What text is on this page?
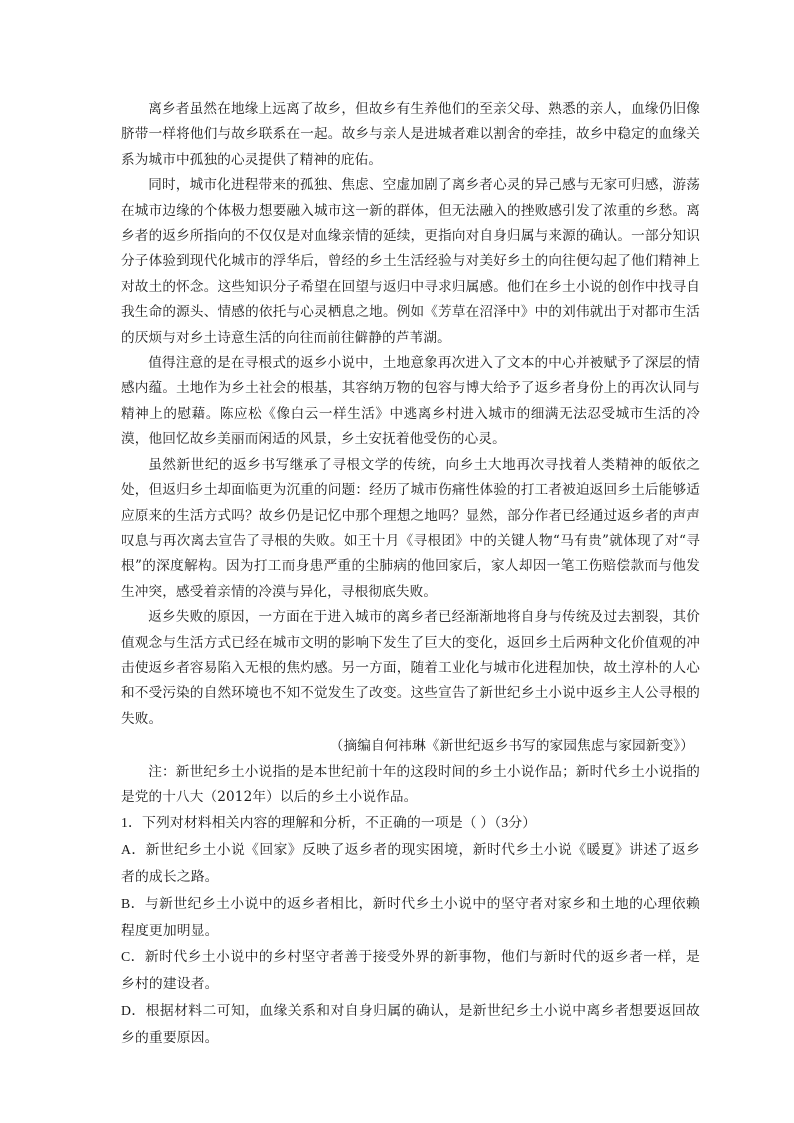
离乡者虽然在地缘上远离了故乡，但故乡有生养他们的至亲父母、熟悉的亲人，血缘仍旧像脐带一样将他们与故乡联系在一起。故乡与亲人是进城者难以割舍的牵挂，故乡中稳定的血缘关系为城市中孤独的心灵提供了精神的庇佑。

同时，城市化进程带来的孤独、焦虑、空虚加剧了离乡者心灵的异己感与无家可归感，游荡在城市边缘的个体极力想要融入城市这一新的群体，但无法融入的挫败感引发了浓重的乡愁。离乡者的返乡所指向的不仅仅是对血缘亲情的延续，更指向对自身归属与来源的确认。一部分知识分子体验到现代化城市的浮华后，曾经的乡土生活经验与对美好乡土的向往便勾起了他们精神上对故土的怀念。这些知识分子希望在回望与返归中寻求归属感。他们在乡土小说的创作中找寻自我生命的源头、情感的依托与心灵栖息之地。例如《芳草在沼泽中》中的刘伟就出于对都市生活的厌烦与对乡土诗意生活的向往而前往僻静的芦苇湖。

值得注意的是在寻根式的返乡小说中，土地意象再次进入了文本的中心并被赋予了深层的情感内蕴。土地作为乡土社会的根基，其容纳万物的包容与博大给予了返乡者身份上的再次认同与精神上的慰藉。陈应松《像白云一样生活》中逃离乡村进入城市的细满无法忍受城市生活的冷漠，他回忆故乡美丽而闲适的风景，乡土安抚着他受伤的心灵。

虽然新世纪的返乡书写继承了寻根文学的传统，向乡土大地再次寻找着人类精神的皈依之处，但返归乡土却面临更为沉重的问题：经历了城市伤痛性体验的打工者被迫返回乡土后能够适应原来的生活方式吗？故乡仍是记忆中那个理想之地吗？显然，部分作者已经通过返乡者的声声叹息与再次离去宣告了寻根的失败。如王十月《寻根团》中的关键人物“马有贵”就体现了对“寻根”的深度解构。因为打工而身患严重的尘肺病的他回家后，家人却因一笔工伤赔偿款而与他发生冲突，感受着亲情的冷漠与异化，寻根彻底失败。

返乡失败的原因，一方面在于进入城市的离乡者已经渐渐地将自身与传统及过去割裂，其价值观念与生活方式已经在城市文明的影响下发生了巨大的变化，返回乡土后两种文化价值观的冲击使返乡者容易陷入无根的焦灼感。另一方面，随着工业化与城市化进程加快，故土淳朴的人心和不受污染的自然环境也不知不觉发生了改变。这些宣告了新世纪乡土小说中返乡主人公寻根的失败。

（摘编自何祎琳《新世纪返乡书写的家园焦虑与家园新变》）

注：新世纪乡土小说指的是本世纪前十年的这段时间的乡土小说作品；新时代乡土小说指的是党的十八大（2012年）以后的乡土小说作品。

1．下列对材料相关内容的理解和分析，不正确的一项是（ ）（3分）

A．新世纪乡土小说《回家》反映了返乡者的现实困境，新时代乡土小说《暖夏》讲述了返乡者的成长之路。

B．与新世纪乡土小说中的返乡者相比，新时代乡土小说中的坚守者对家乡和土地的心理依赖程度更加明显。

C．新时代乡土小说中的乡村坚守者善于接受外界的新事物，他们与新时代的返乡者一样，是乡村的建设者。

D．根据材料二可知，血缘关系和对自身归属的确认，是新世纪乡土小说中离乡者想要返回故乡的重要原因。
